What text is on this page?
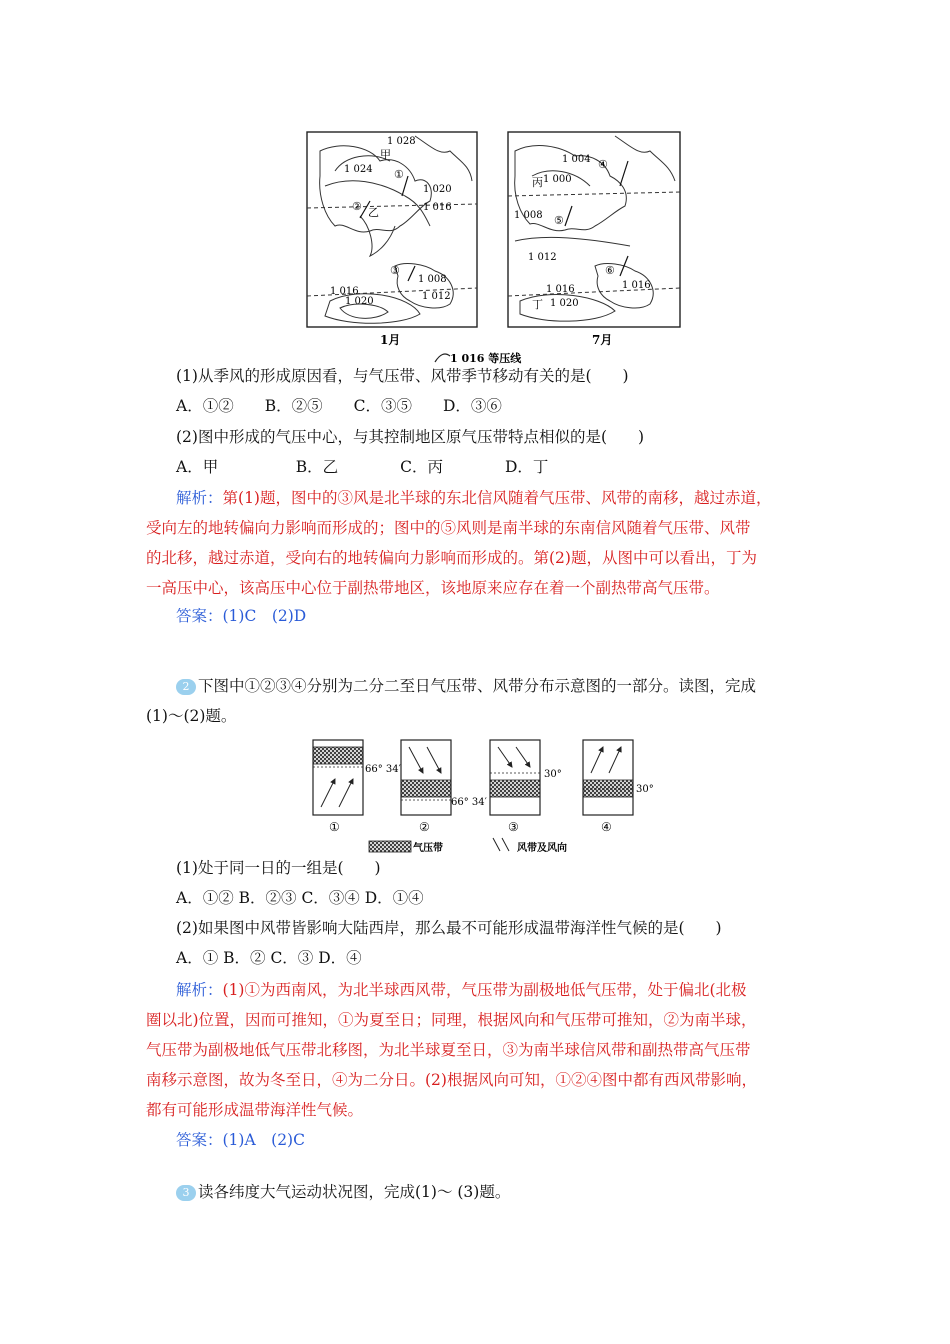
1 028
甲
1 024 ①
1 020
② 乙	1 016
③
1 008
1 012
1 016
1 020
1月
1 004 ④
丙 1 000
1 008 ⑤
1 012
⑥
1 016
1 016
丁 1 020
7月
1 016 等压线
(1)从季风的形成原因看，与气压带、风带季节移动有关的是(　　)
A．①②　　B．②⑤　　C．③⑤　　D．③⑥
(2)图中形成的气压中心，与其控制地区原气压带特点相似的是(　　)
A．甲　　　　　B．乙　　　　C．丙　　　　D．丁
解析：第(1)题，图中的③风是北半球的东北信风随着气压带、风带的南移，越过赤道，
受向左的地转偏向力影响而形成的；图中的⑤风则是南半球的东南信风随着气压带、风带
的北移，越过赤道，受向右的地转偏向力影响而形成的。第(2)题，从图中可以看出，丁为
一高压中心，该高压中心位于副热带地区，该地原来应存在着一个副热带高气压带。
答案：(1)C　(2)D
2 下图中①②③④分别为二分二至日气压带、风带分布示意图的一部分。读图，完成
(1)～(2)题。
66° 34′
①
66° 34′
②
30°
③
30°
④
气压带	风带及风向
(1)处于同一日的一组是(　　)
A．①② B．②③ C．③④ D．①④
(2)如果图中风带皆影响大陆西岸，那么最不可能形成温带海洋性气候的是(　　)
A．① B．② C．③ D．④
解析：(1)①为西南风，为北半球西风带，气压带为副极地低气压带，处于偏北(北极
圈以北)位置，因而可推知，①为夏至日；同理，根据风向和气压带可推知，②为南半球，
气压带为副极地低气压带北移图，为北半球夏至日，③为南半球信风带和副热带高气压带
南移示意图，故为冬至日，④为二分日。(2)根据风向可知，①②④图中都有西风带影响，
都有可能形成温带海洋性气候。
答案：(1)A　(2)C
3 读各纬度大气运动状况图，完成(1)～ (3)题。
